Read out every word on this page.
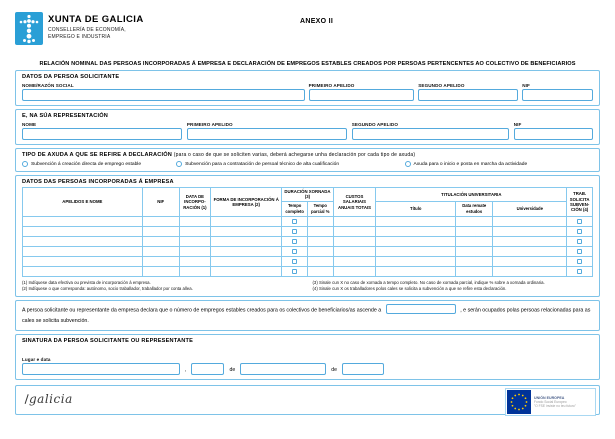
XUNTA DE GALICIA
CONSELLERÍA DE ECONOMÍA,
EMPREGO E INDUSTRIA
ANEXO II
RELACIÓN NOMINAL DAS PERSOAS INCORPORADAS Á EMPRESA E DECLARACIÓN DE EMPREGOS ESTABLES CREADOS POR PERSOAS PERTENCENTES AO COLECTIVO DE BENEFICIARIOS
DATOS DA PERSOA SOLICITANTE
NOME/RAZÓN SOCIAL	PRIMEIRO APELIDO	SEGUNDO APELIDO	NIF
E, NA SÚA REPRESENTACIÓN
NOME	PRIMEIRO APELIDO	SEGUNDO APELIDO	NIF
TIPO DE AXUDA A QUE SE REFIRE A DECLARACIÓN (para o caso de que se soliciten varias, deberá achegarse unha declaración por cada tipo de axuda)
Subvención á creación directa de emprego estable	Subvención para a contratación de persoal técnico de alta cualificación	Axuda para o inicio e posta en marcha da actividade
DATOS DAS PERSOAS INCORPORADAS Á EMPRESA
APELIDOS E NOME	NIF	DATA DE INCORPO- RACIÓN (1)	FORMA DE INCORPORACIÓN Á EMPRESA (2)	DURACIÓN XORNADA (3)		CUSTOS SALARIAIS ANUAIS TOTAIS	TITULACIÓN UNIVERSITARIA			TRAB. SOLICITA SUBVEN- CIÓN (4)
				Tempo completo	Tempo parcial %		Título	Data remate estudos	Universidade	

(1) Indíquese data efectiva ou prevista de incorporación á empresa.
(2) Indíquese o que corresponda: autónomo, socio traballador, traballador por conta allea.
(3) Sinale cun X no caso de xornada a tempo completo. No caso de xornada parcial, indique % sobre a xornada ordinaria.
(4) Sinale cun X os traballadores polos cales se solicita a subvención a que se refire esta declaración.
A persoa solicitante ou representante da empresa declara que o número de empregos estables creados para os colectivos de beneficiarios/as ascende a	, e serán ocupados polas persoas relacionadas para as cales se solicita subvención.
SINATURA DA PERSOA SOLICITANTE OU REPRESENTANTE
Lugar e data
,	de	de
galicia	UNIÓN EUROPEA
Fondo Social Europeo
"O FSE inviste no teu futuro"
